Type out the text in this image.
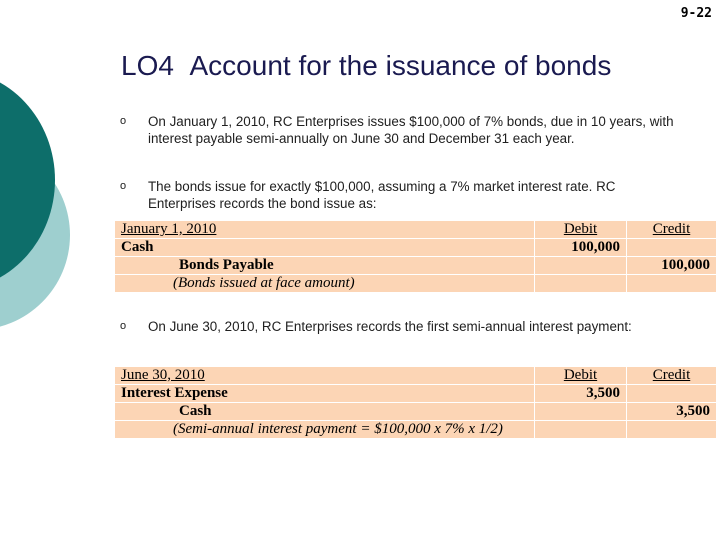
9-22
LO4 Account for the issuance of bonds
o On January 1, 2010, RC Enterprises issues $100,000 of 7% bonds, due in 10 years, with interest payable semi-annually on June 30 and December 31 each year.
o The bonds issue for exactly $100,000, assuming a 7% market interest rate. RC Enterprises records the bond issue as:
January 1, 2010	Debit	Credit
Cash	100,000	
Bonds Payable		100,000
(Bonds issued at face amount)		
o On June 30, 2010, RC Enterprises records the first semi-annual interest payment:
June 30, 2010	Debit	Credit
Interest Expense	3,500	
Cash		3,500
(Semi-annual interest payment = $100,000 x 7% x 1/2)		
